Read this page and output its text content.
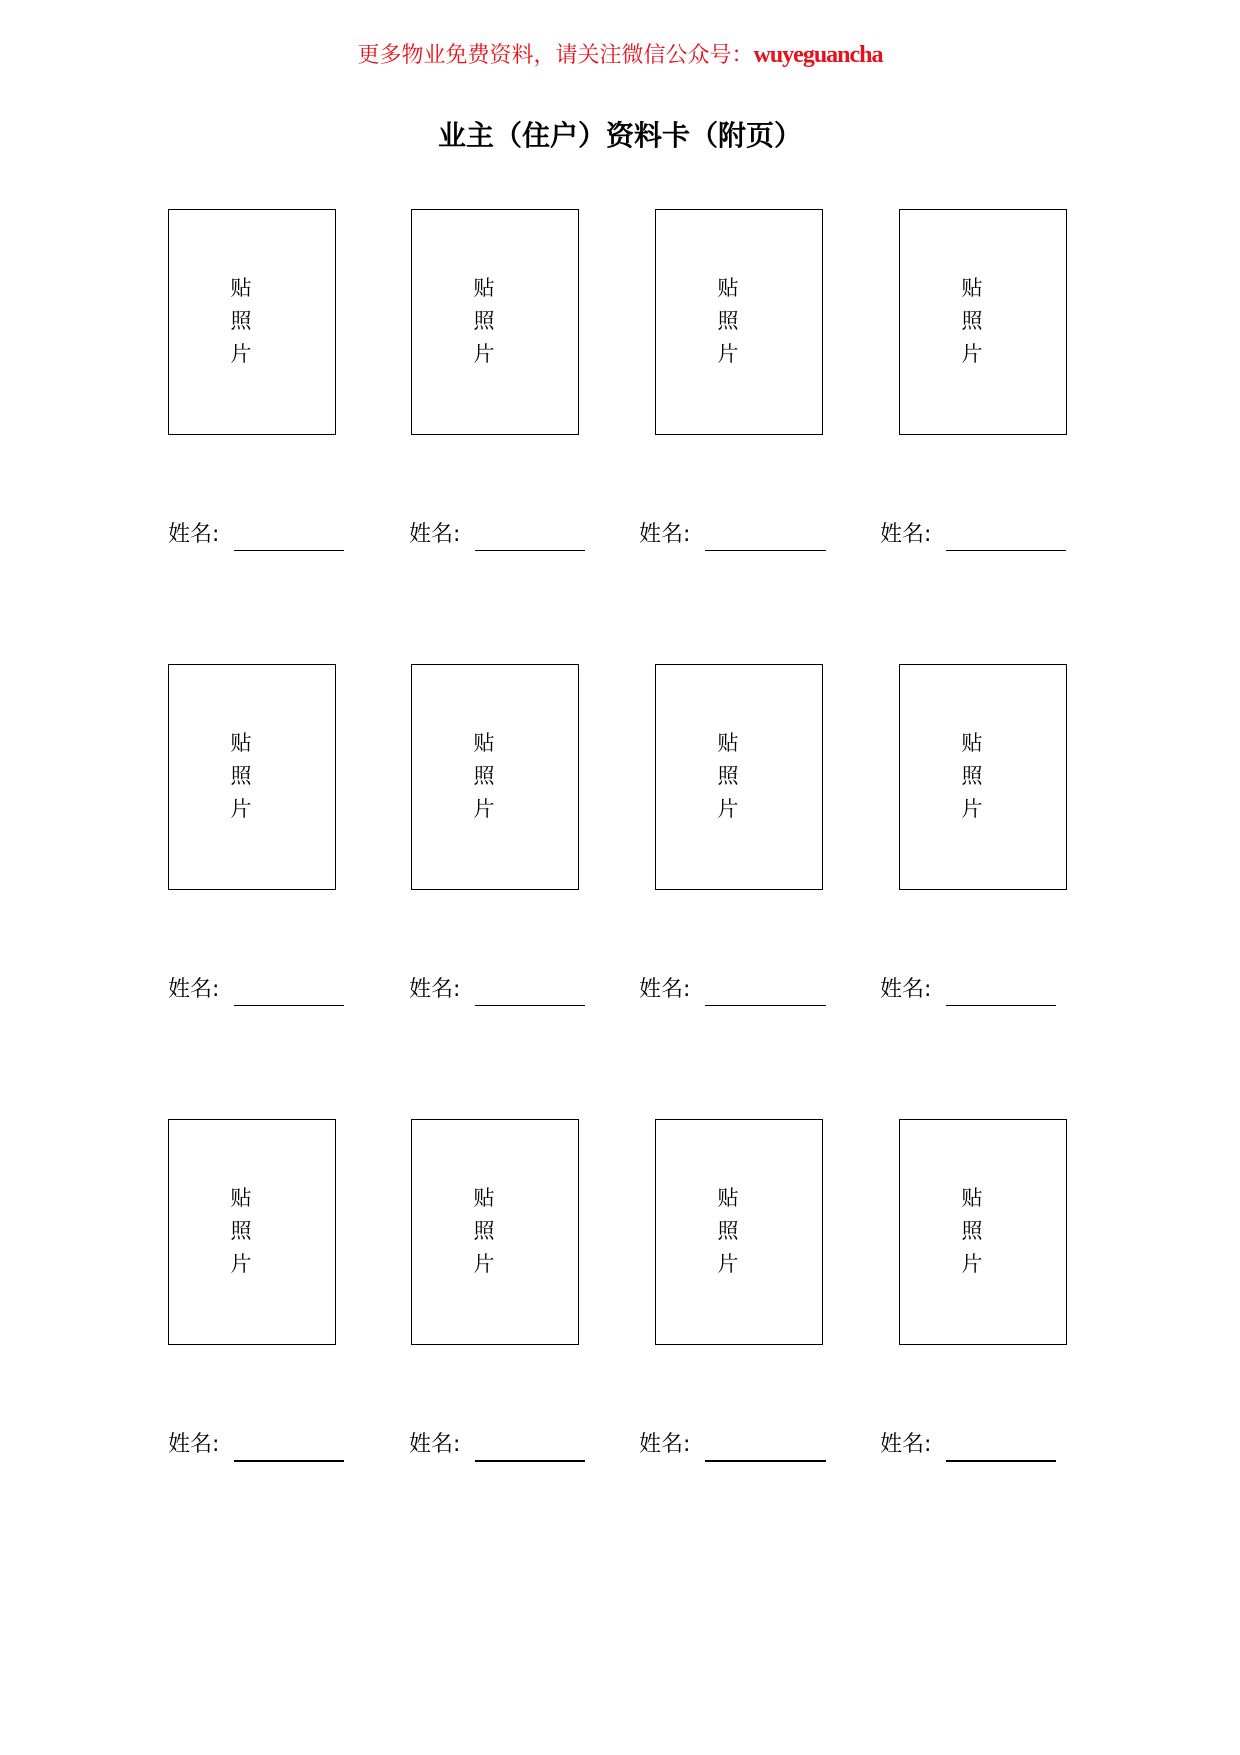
更多物业免费资料，请关注微信公众号：wuyeguancha
业主（住户）资料卡（附页）
贴
照
片
贴
照
片
贴
照
片
贴
照
片
姓名:	姓名:	姓名:	姓名:
贴
照
片
贴
照
片
贴
照
片
贴
照
片
姓名:	姓名:	姓名:	姓名:
贴
照
片
贴
照
片
贴
照
片
贴
照
片
姓名:	姓名:	姓名:	姓名:
